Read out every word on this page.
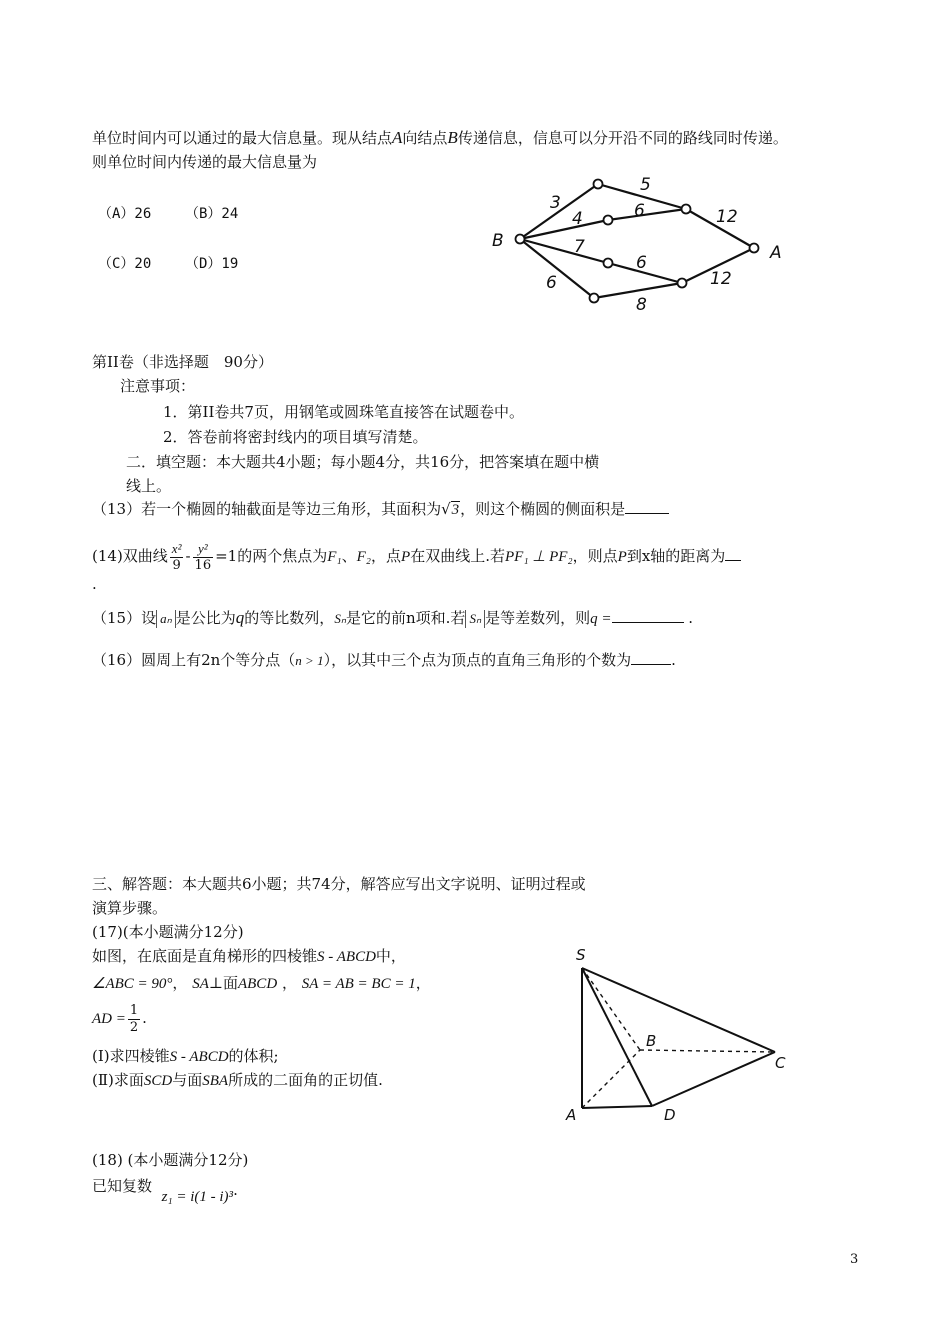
单位时间内可以通过的最大信息量。现从结点A向结点B传递信息，信息可以分开沿不同的路线同时传递。
则单位时间内传递的最大信息量为
（A）26 （B）24
（C）20 （D）19
B
A
3
5
4	6	12
7
6
12
6
8
第II卷（非选择题　90分）
注意事项：
1．第II卷共7页，用钢笔或圆珠笔直接答在试题卷中。
2．答卷前将密封线内的项目填写清楚。
二．填空题：本大题共4小题；每小题4分，共16分，把答案填在题中横
线上。
（13）若一个椭圆的轴截面是等边三角形，其面积为√3，则这个椭圆的侧面积是
(14)双曲线 $\frac{\text{x²}}{9} - \frac{\text{y²}}{16} =1$的两个焦点为F₁、F₂，点P在双曲线上.若PF₁ ⊥ PF₂，则点P到x轴的距离为
.
（15）设 aₙ 是公比为q的等比数列，Sₙ是它的前n项和.若 Sₙ 是等差数列，则q =	.
（16）圆周上有2n个等分点（n > 1），以其中三个点为顶点的直角三角形的个数为	.
三、解答题：本大题共6小题；共74分，解答应写出文字说明、证明过程或
演算步骤。
(17)(本小题满分12分)
如图，在底面是直角梯形的四棱锥S - ABCD中，
∠ABC = 90°， SA⊥面ABCD ， SA = AB = BC = 1，
AD = $\frac{1}{2}$ .
(Ⅰ)求四棱锥S - ABCD的体积;
(Ⅱ)求面SCD与面SBA所成的二面角的正切值.
S
B
C
A	D
(18) (本小题满分12分)
已知复数  z₁ = i(1 - i)³.
3
